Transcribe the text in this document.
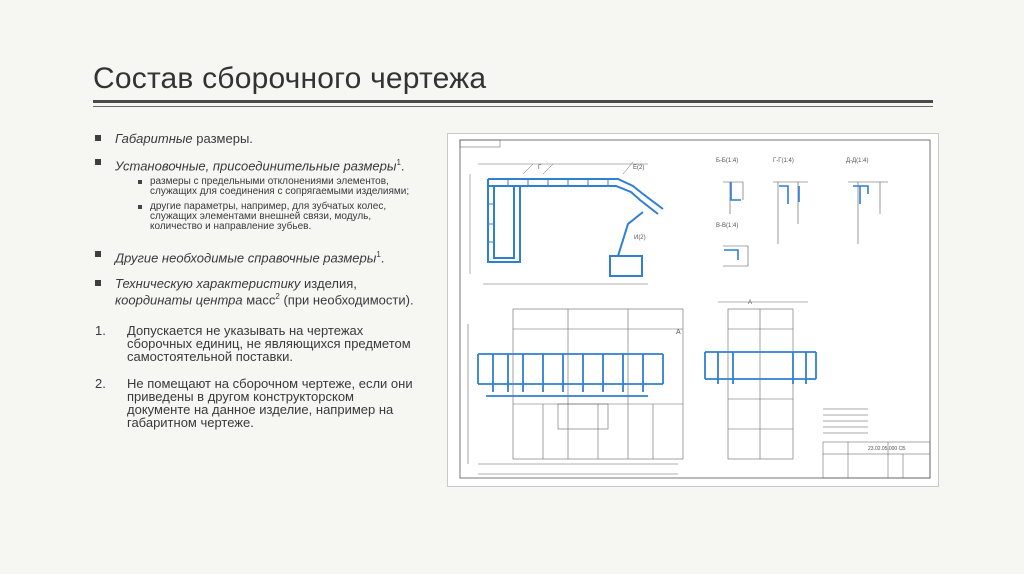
Состав сборочного чертежа
Габаритные размеры.
Установочные, присоединительные размеры$^1$.
размеры с предельными отклонениями элементов, служащих для соединения с сопрягаемыми изделиями;
другие параметры, например, для зубчатых колес, служащих элементами внешней связи, модуль, количество и направление зубьев.
Другие необходимые справочные размеры$^1$.
Техническую характеристику изделия, координаты центра масс$^2$ (при необходимости).
1. Допускается не указывать на чертежах сборочных единиц, не являющихся предметом самостоятельной поставки.
2. Не помещают на сборочном чертеже, если они приведены в другом конструкторском документе на данное изделие, например на габаритном чертеже.
Г	Е(2)
И(2)
Б-Б(1:4)	Г-Г(1:4)	Д-Д(1:4)
В-В(1:4)
А
А
23.02.05.000 СБ
